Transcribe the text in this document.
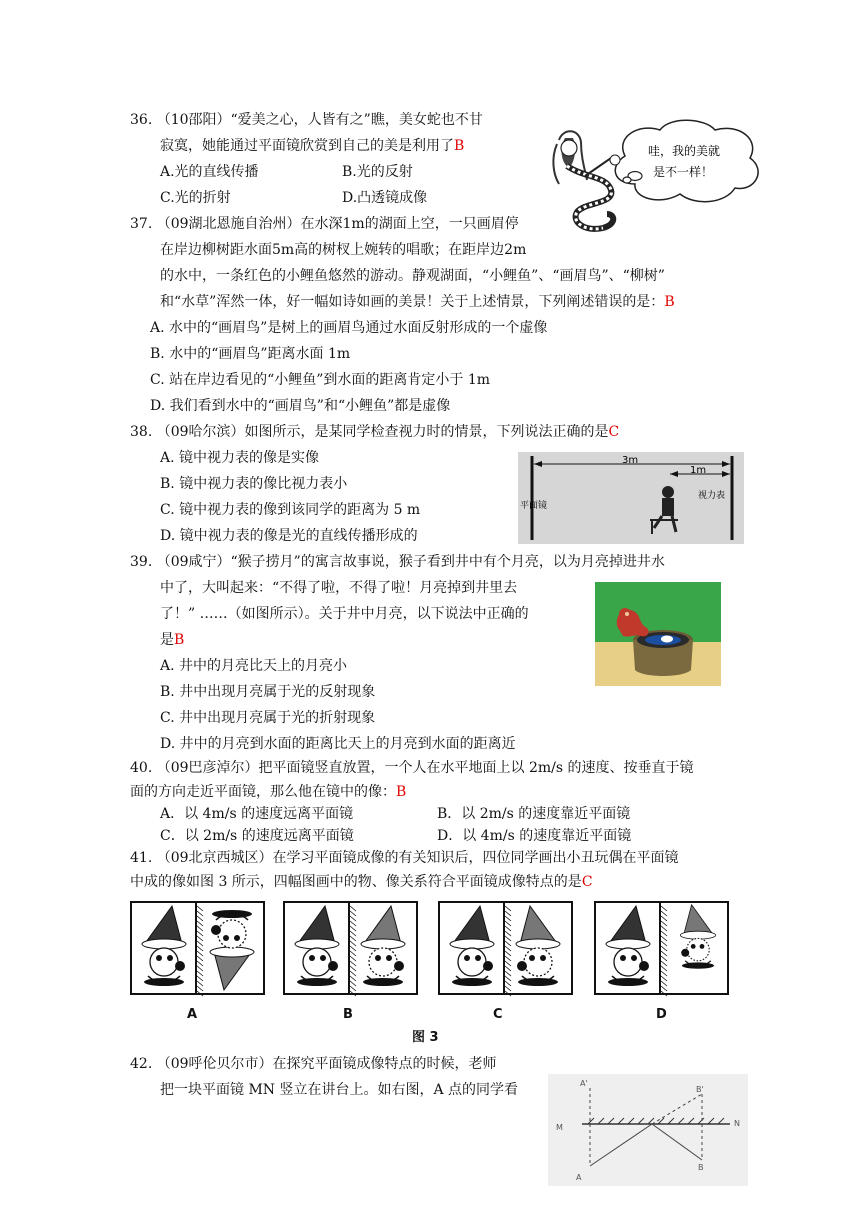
36. （10邵阳）“爱美之心，人皆有之”瞧，美女蛇也不甘
寂寞，她能通过平面镜欣赏到自己的美是利用了B
A.光的直线传播	B.光的反射
C.光的折射	D.凸透镜成像
哇，我的美就
是不一样！
37. （09湖北恩施自治州）在水深1m的湖面上空，一只画眉停
在岸边柳树距水面5m高的树杈上婉转的唱歌；在距岸边2m
的水中，一条红色的小鲤鱼悠然的游动。静观湖面，“小鲤鱼”、“画眉鸟”、“柳树”
和“水草”浑然一体，好一幅如诗如画的美景！关于上述情景，下列阐述错误的是：B
A. 水中的“画眉鸟”是树上的画眉鸟通过水面反射形成的一个虚像
B. 水中的“画眉鸟”距离水面 1m
C. 站在岸边看见的“小鲤鱼”到水面的距离肯定小于 1m
D. 我们看到水中的“画眉鸟”和“小鲤鱼”都是虚像
38. （09哈尔滨）如图所示，是某同学检查视力时的情景，下列说法正确的是C
A. 镜中视力表的像是实像
B. 镜中视力表的像比视力表小
C. 镜中视力表的像到该同学的距离为 5 m
D. 镜中视力表的像是光的直线传播形成的
3m
1m
平面镜
视力表
39. （09咸宁）“猴子捞月”的寓言故事说，猴子看到井中有个月亮，以为月亮掉进井水
中了，大叫起来：“不得了啦，不得了啦！月亮掉到井里去
了！” ……（如图所示）。关于井中月亮，以下说法中正确的
是B
A. 井中的月亮比天上的月亮小
B. 井中出现月亮属于光的反射现象
C. 井中出现月亮属于光的折射现象
D. 井中的月亮到水面的距离比天上的月亮到水面的距离近
40. （09巴彦淖尔）把平面镜竖直放置，一个人在水平地面上以 2m/s 的速度、按垂直于镜
面的方向走近平面镜，那么他在镜中的像：B
A．以 4m/s 的速度远离平面镜	B．以 2m/s 的速度靠近平面镜
C．以 2m/s 的速度远离平面镜	D．以 4m/s 的速度靠近平面镜
41. （09北京西城区）在学习平面镜成像的有关知识后，四位同学画出小丑玩偶在平面镜
中成的像如图 3 所示，四幅图画中的物、像关系符合平面镜成像特点的是C
A	B	C	D
图 3
42. （09呼伦贝尔市）在探究平面镜成像特点的时候，老师
把一块平面镜 MN 竖立在讲台上。如右图，A 点的同学看	A'
B'
M	N
A
B
